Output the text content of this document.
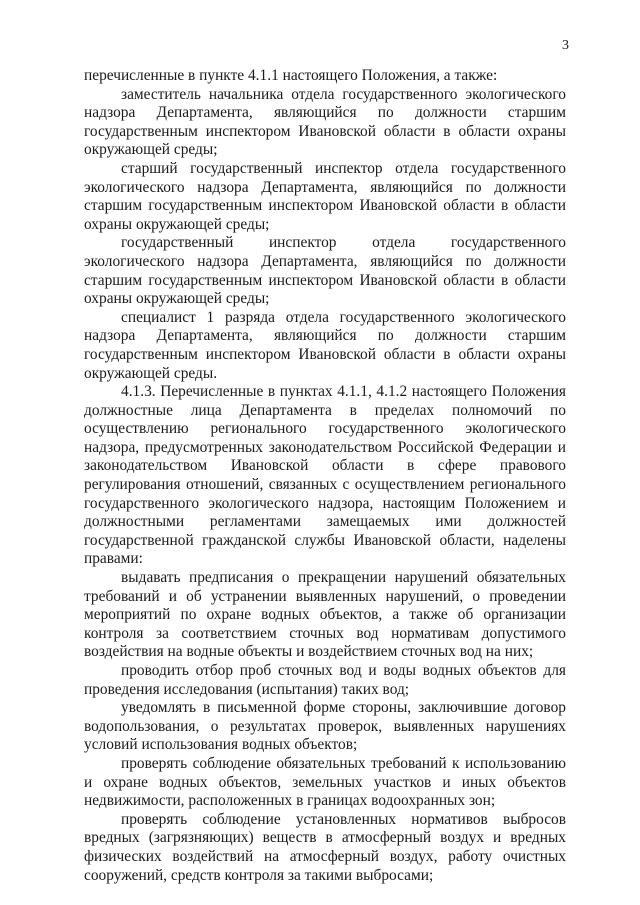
3

перечисленные в пункте 4.1.1 настоящего Положения, а также:

заместитель начальника отдела государственного экологического надзора Департамента, являющийся по должности старшим государственным инспектором Ивановской области в области охраны окружающей среды;

старший государственный инспектор отдела государственного экологического надзора Департамента, являющийся по должности старшим государственным инспектором Ивановской области в области охраны окружающей среды;

государственный инспектор отдела государственного экологического надзора Департамента, являющийся по должности старшим государственным инспектором Ивановской области в области охраны окружающей среды;

специалист 1 разряда отдела государственного экологического надзора Департамента, являющийся по должности старшим государственным инспектором Ивановской области в области охраны окружающей среды.

4.1.3. Перечисленные в пунктах 4.1.1, 4.1.2 настоящего Положения должностные лица Департамента в пределах полномочий по осуществлению регионального государственного экологического надзора, предусмотренных законодательством Российской Федерации и законодательством Ивановской области в сфере правового регулирования отношений, связанных с осуществлением регионального государственного экологического надзора, настоящим Положением и должностными регламентами замещаемых ими должностей государственной гражданской службы Ивановской области, наделены правами:

выдавать предписания о прекращении нарушений обязательных требований и об устранении выявленных нарушений, о проведении мероприятий по охране водных объектов, а также об организации контроля за соответствием сточных вод нормативам допустимого воздействия на водные объекты и воздействием сточных вод на них;

проводить отбор проб сточных вод и воды водных объектов для проведения исследования (испытания) таких вод;

уведомлять в письменной форме стороны, заключившие договор водопользования, о результатах проверок, выявленных нарушениях условий использования водных объектов;

проверять соблюдение обязательных требований к использованию и охране водных объектов, земельных участков и иных объектов недвижимости, расположенных в границах водоохранных зон;

проверять соблюдение установленных нормативов выбросов вредных (загрязняющих) веществ в атмосферный воздух и вредных физических воздействий на атмосферный воздух, работу очистных сооружений, средств контроля за такими выбросами;
